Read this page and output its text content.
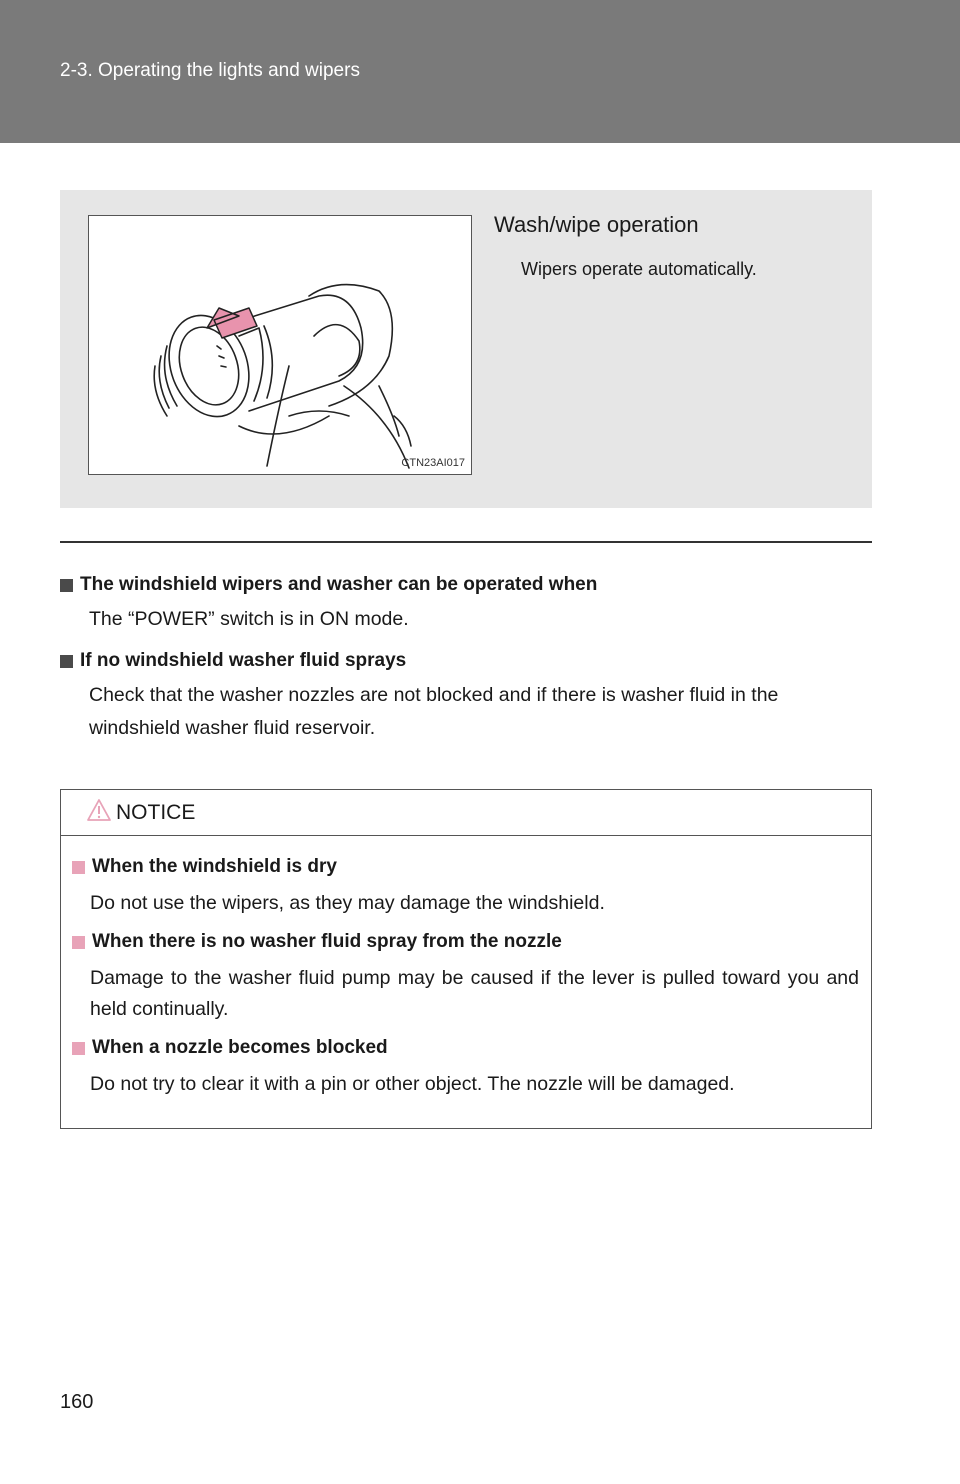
2-3. Operating the lights and wipers
CTN23AI017
Wash/wipe operation
Wipers operate automatically.

The windshield wipers and washer can be operated when

The “POWER” switch is in ON mode.

If no windshield washer fluid sprays

Check that the washer nozzles are not blocked and if there is washer fluid in the windshield washer fluid reservoir.

NOTICE
When the windshield is dry
Do not use the wipers, as they may damage the windshield.
When there is no washer fluid spray from the nozzle
Damage to the washer fluid pump may be caused if the lever is pulled toward you and held continually.
When a nozzle becomes blocked
Do not try to clear it with a pin or other object. The nozzle will be damaged.
160
